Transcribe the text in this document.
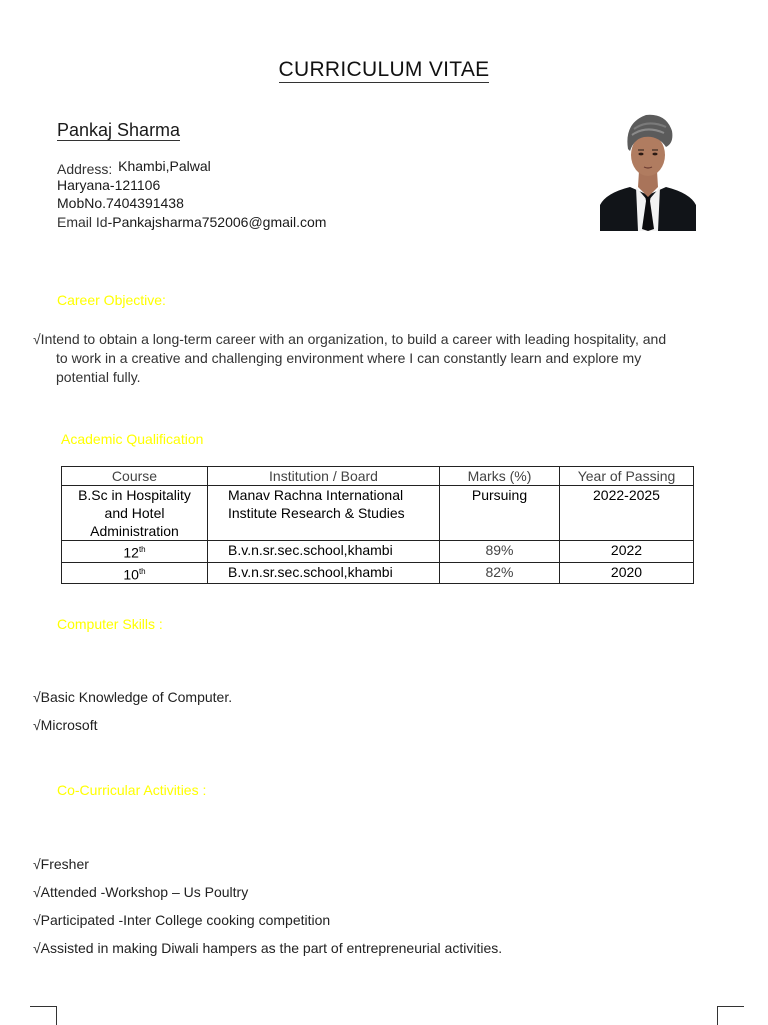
CURRICULUM VITAE
Pankaj Sharma
Address: Khambi,Palwal
Haryana-121106
MobNo.7404391438
Email Id-Pankajsharma752006@gmail.com
Career Objective:
√Intend to obtain a long-term career with an organization, to build a career with leading hospitality, and
to work in a creative and challenging environment where I can constantly learn and explore my
potential fully.
Academic Qualification
Course	Institution / Board	Marks (%)	Year of Passing
B.Sc in Hospitality and Hotel Administration	Manav Rachna International Institute Research & Studies	Pursuing	2022-2025
12th	B.v.n.sr.sec.school,khambi	89%	2022
10th	B.v.n.sr.sec.school,khambi	82%	2020
Computer Skills :
√Basic Knowledge of Computer.
√Microsoft
Co-Curricular Activities :
√Fresher
√Attended -Workshop – Us Poultry
√Participated -Inter College cooking competition
√Assisted in making Diwali hampers as the part of entrepreneurial activities.
